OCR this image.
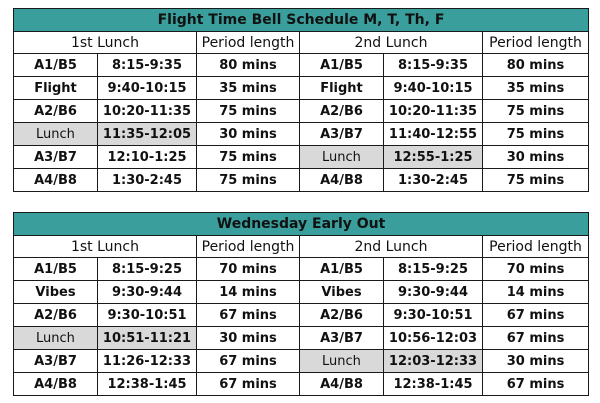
Flight Time Bell Schedule M, T, Th, F					
1st Lunch		Period length	2nd Lunch		Period length
A1/B5	8:15-9:35	80 mins	A1/B5	8:15-9:35	80 mins
Flight	9:40-10:15	35 mins	Flight	9:40-10:15	35 mins
A2/B6	10:20-11:35	75 mins	A2/B6	10:20-11:35	75 mins
Lunch	11:35-12:05	30 mins	A3/B7	11:40-12:55	75 mins
A3/B7	12:10-1:25	75 mins	Lunch	12:55-1:25	30 mins
A4/B8	1:30-2:45	75 mins	A4/B8	1:30-2:45	75 mins
Wednesday Early Out					
1st Lunch		Period length	2nd Lunch		Period length
A1/B5	8:15-9:25	70 mins	A1/B5	8:15-9:25	70 mins
Vibes	9:30-9:44	14 mins	Vibes	9:30-9:44	14 mins
A2/B6	9:30-10:51	67 mins	A2/B6	9:30-10:51	67 mins
Lunch	10:51-11:21	30 mins	A3/B7	10:56-12:03	67 mins
A3/B7	11:26-12:33	67 mins	Lunch	12:03-12:33	30 mins
A4/B8	12:38-1:45	67 mins	A4/B8	12:38-1:45	67 mins
